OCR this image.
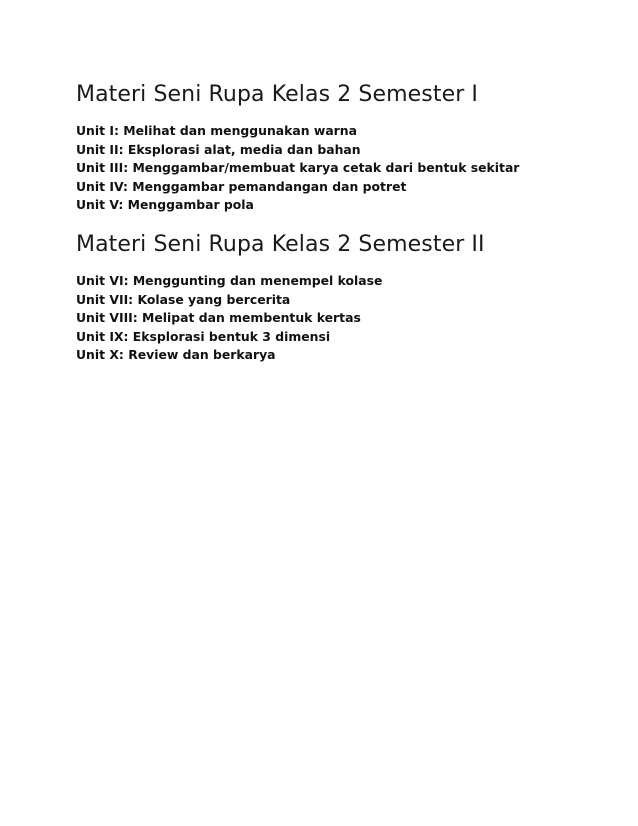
Materi Seni Rupa Kelas 2 Semester I
Unit I: Melihat dan menggunakan warna
Unit II: Eksplorasi alat, media dan bahan
Unit III: Menggambar/membuat karya cetak dari bentuk sekitar
Unit IV: Menggambar pemandangan dan potret
Unit V: Menggambar pola
Materi Seni Rupa Kelas 2 Semester II
Unit VI: Menggunting dan menempel kolase
Unit VII: Kolase yang bercerita
Unit VIII: Melipat dan membentuk kertas
Unit IX: Eksplorasi bentuk 3 dimensi
Unit X: Review dan berkarya
